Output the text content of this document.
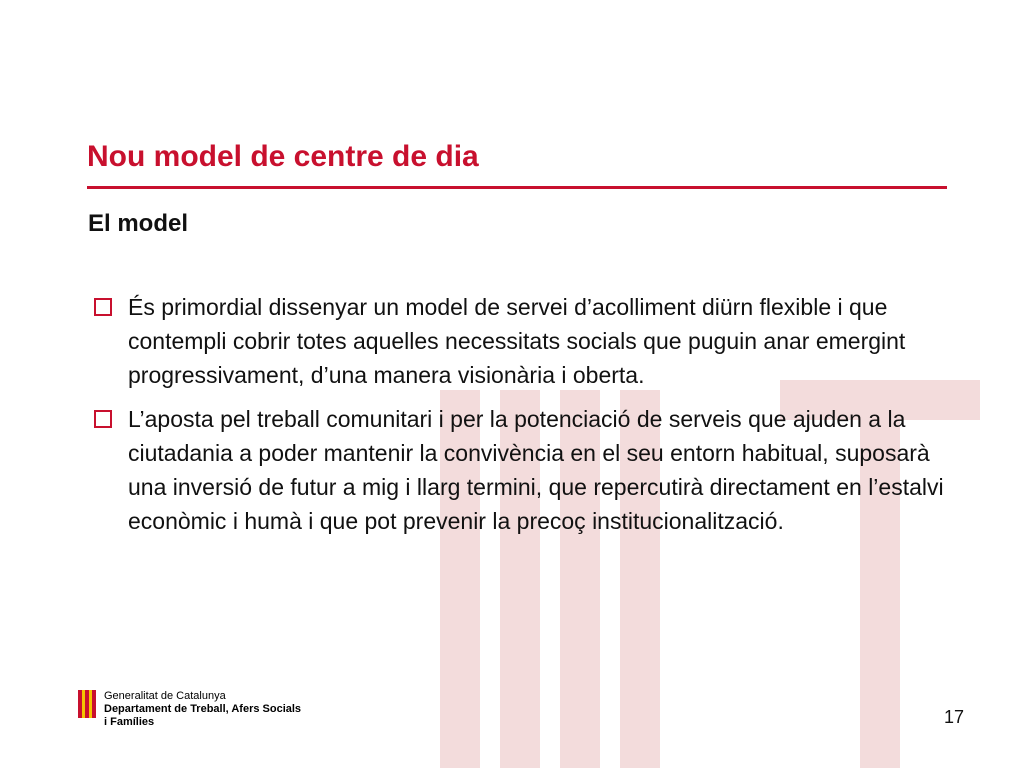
Nou model de centre de dia
El model
És primordial dissenyar un model de servei d’acolliment diürn flexible i que contempli cobrir totes aquelles necessitats socials que puguin anar emergint progressivament, d’una manera visionària i oberta.
L’aposta pel treball comunitari i per la potenciació de serveis que ajuden a la ciutadania a poder mantenir la convivència en el seu entorn habitual, suposarà una inversió de futur a mig i llarg termini, que repercutirà directament en l’estalvi econòmic i humà i que pot prevenir la precoç institucionalització.
Generalitat de Catalunya
Departament de Treball, Afers Socials
i Famílies	17
